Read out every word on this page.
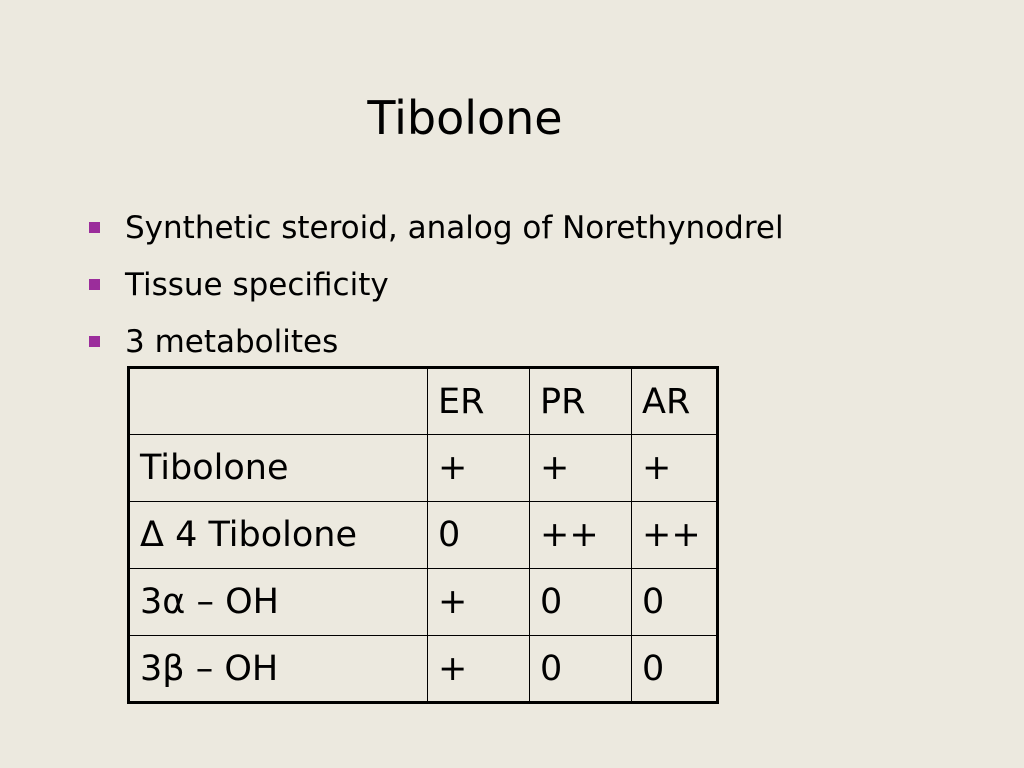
Tibolone
Synthetic steroid, analog of Norethynodrel
Tissue specificity
3 metabolites
	ER	PR	AR
Tibolone	+	+	+
Δ 4 Tibolone	0	++	++
3α – OH	+	0	0
3β – OH	+	0	0
